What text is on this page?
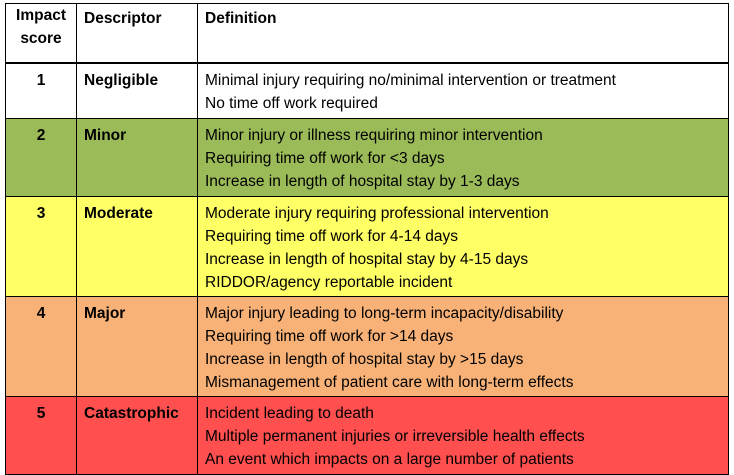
Impact
score	Descriptor	Definition
1	Negligible	Minimal injury requiring no/minimal intervention or treatment
No time off work required

2	Minor	Minor injury or illness requiring minor intervention
Requiring time off work for <3 days
Increase in length of hospital stay by 1-3 days

3	Moderate	Moderate injury requiring professional intervention
Requiring time off work for 4-14 days
Increase in length of hospital stay by 4-15 days
RIDDOR/agency reportable incident

4	Major	Major injury leading to long-term incapacity/disability
Requiring time off work for >14 days
Increase in length of hospital stay by >15 days
Mismanagement of patient care with long-term effects

5	Catastrophic	Incident leading to death
Multiple permanent injuries or irreversible health effects
An event which impacts on a large number of patients
